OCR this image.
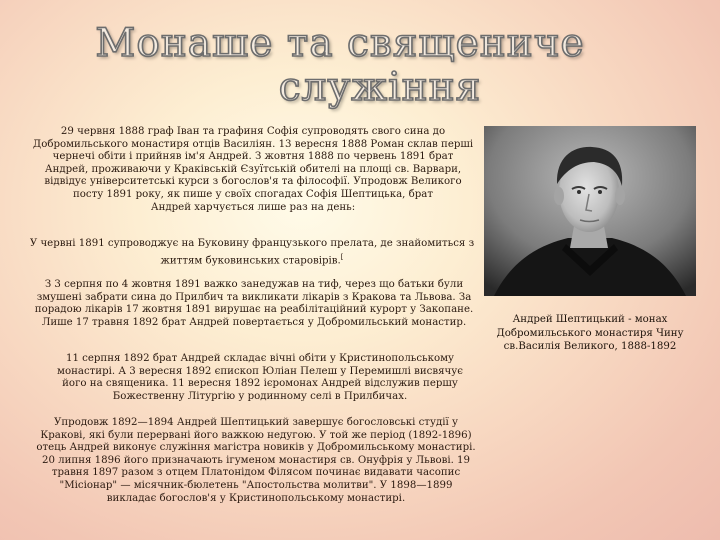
Монаше та священиче
служіння
29 червня 1888 граф Іван та графиня Софія супроводять свого сина до Добромильського монастиря отців Василіян. 13 вересня 1888 Роман склав перші чернечі обіти і прийняв ім'я Андрей. З жовтня 1888 по червень 1891 брат Андрей, проживаючи у Краківській Єзуїтській обителі на площі св. Варвари, відвідує університетські курси з богослов'я та філософії. Упродовж Великого посту 1891 року, як пише у своїх спогадах Софія Шептицька, брат
Андрей харчується лише раз на день:
У червні 1891 супроводжує на Буковину французького прелата, де знайомиться з життям буковинських старовірів.[
З 3 серпня по 4 жовтня 1891 важко занедужав на тиф, через що батьки були змушені забрати сина до Прилбич та викликати лікарів з Кракова та Львова. За порадою лікарів 17 жовтня 1891 вирушає на реабілітаційний курорт у Закопане. Лише 17 травня 1892 брат Андрей повертається у Добромильський монастир.
11 серпня 1892 брат Андрей складає вічні обіти у Кристинопольському монастирі. А 3 вересня 1892 єпископ Юліан Пелеш у Перемишлі висвячує його на священика. 11 вересня 1892 ієромонах Андрей відслужив першу Божественну Літургію у родинному селі в Прилбичах.
Упродовж 1892—1894 Андрей Шептицький завершує богословські студії у Кракові, які були перервані його важкою недугою. У той же період (1892-1896) отець Андрей виконує служіння магістра новиків у Добромильському монастирі. 20 липня 1896 його призначають ігуменом монастиря св. Онуфрія у Львові. 19 травня 1897 разом з отцем Платонідом Філясом починає видавати часопис "Місіонар" — місячник-бюлетень "Апостольства молитви". У 1898—1899 викладає богослов'я у Кристинопольському монастирі.
Андрей Шептицький - монах Добромильського монастиря Чину св.Василія Великого, 1888-1892
